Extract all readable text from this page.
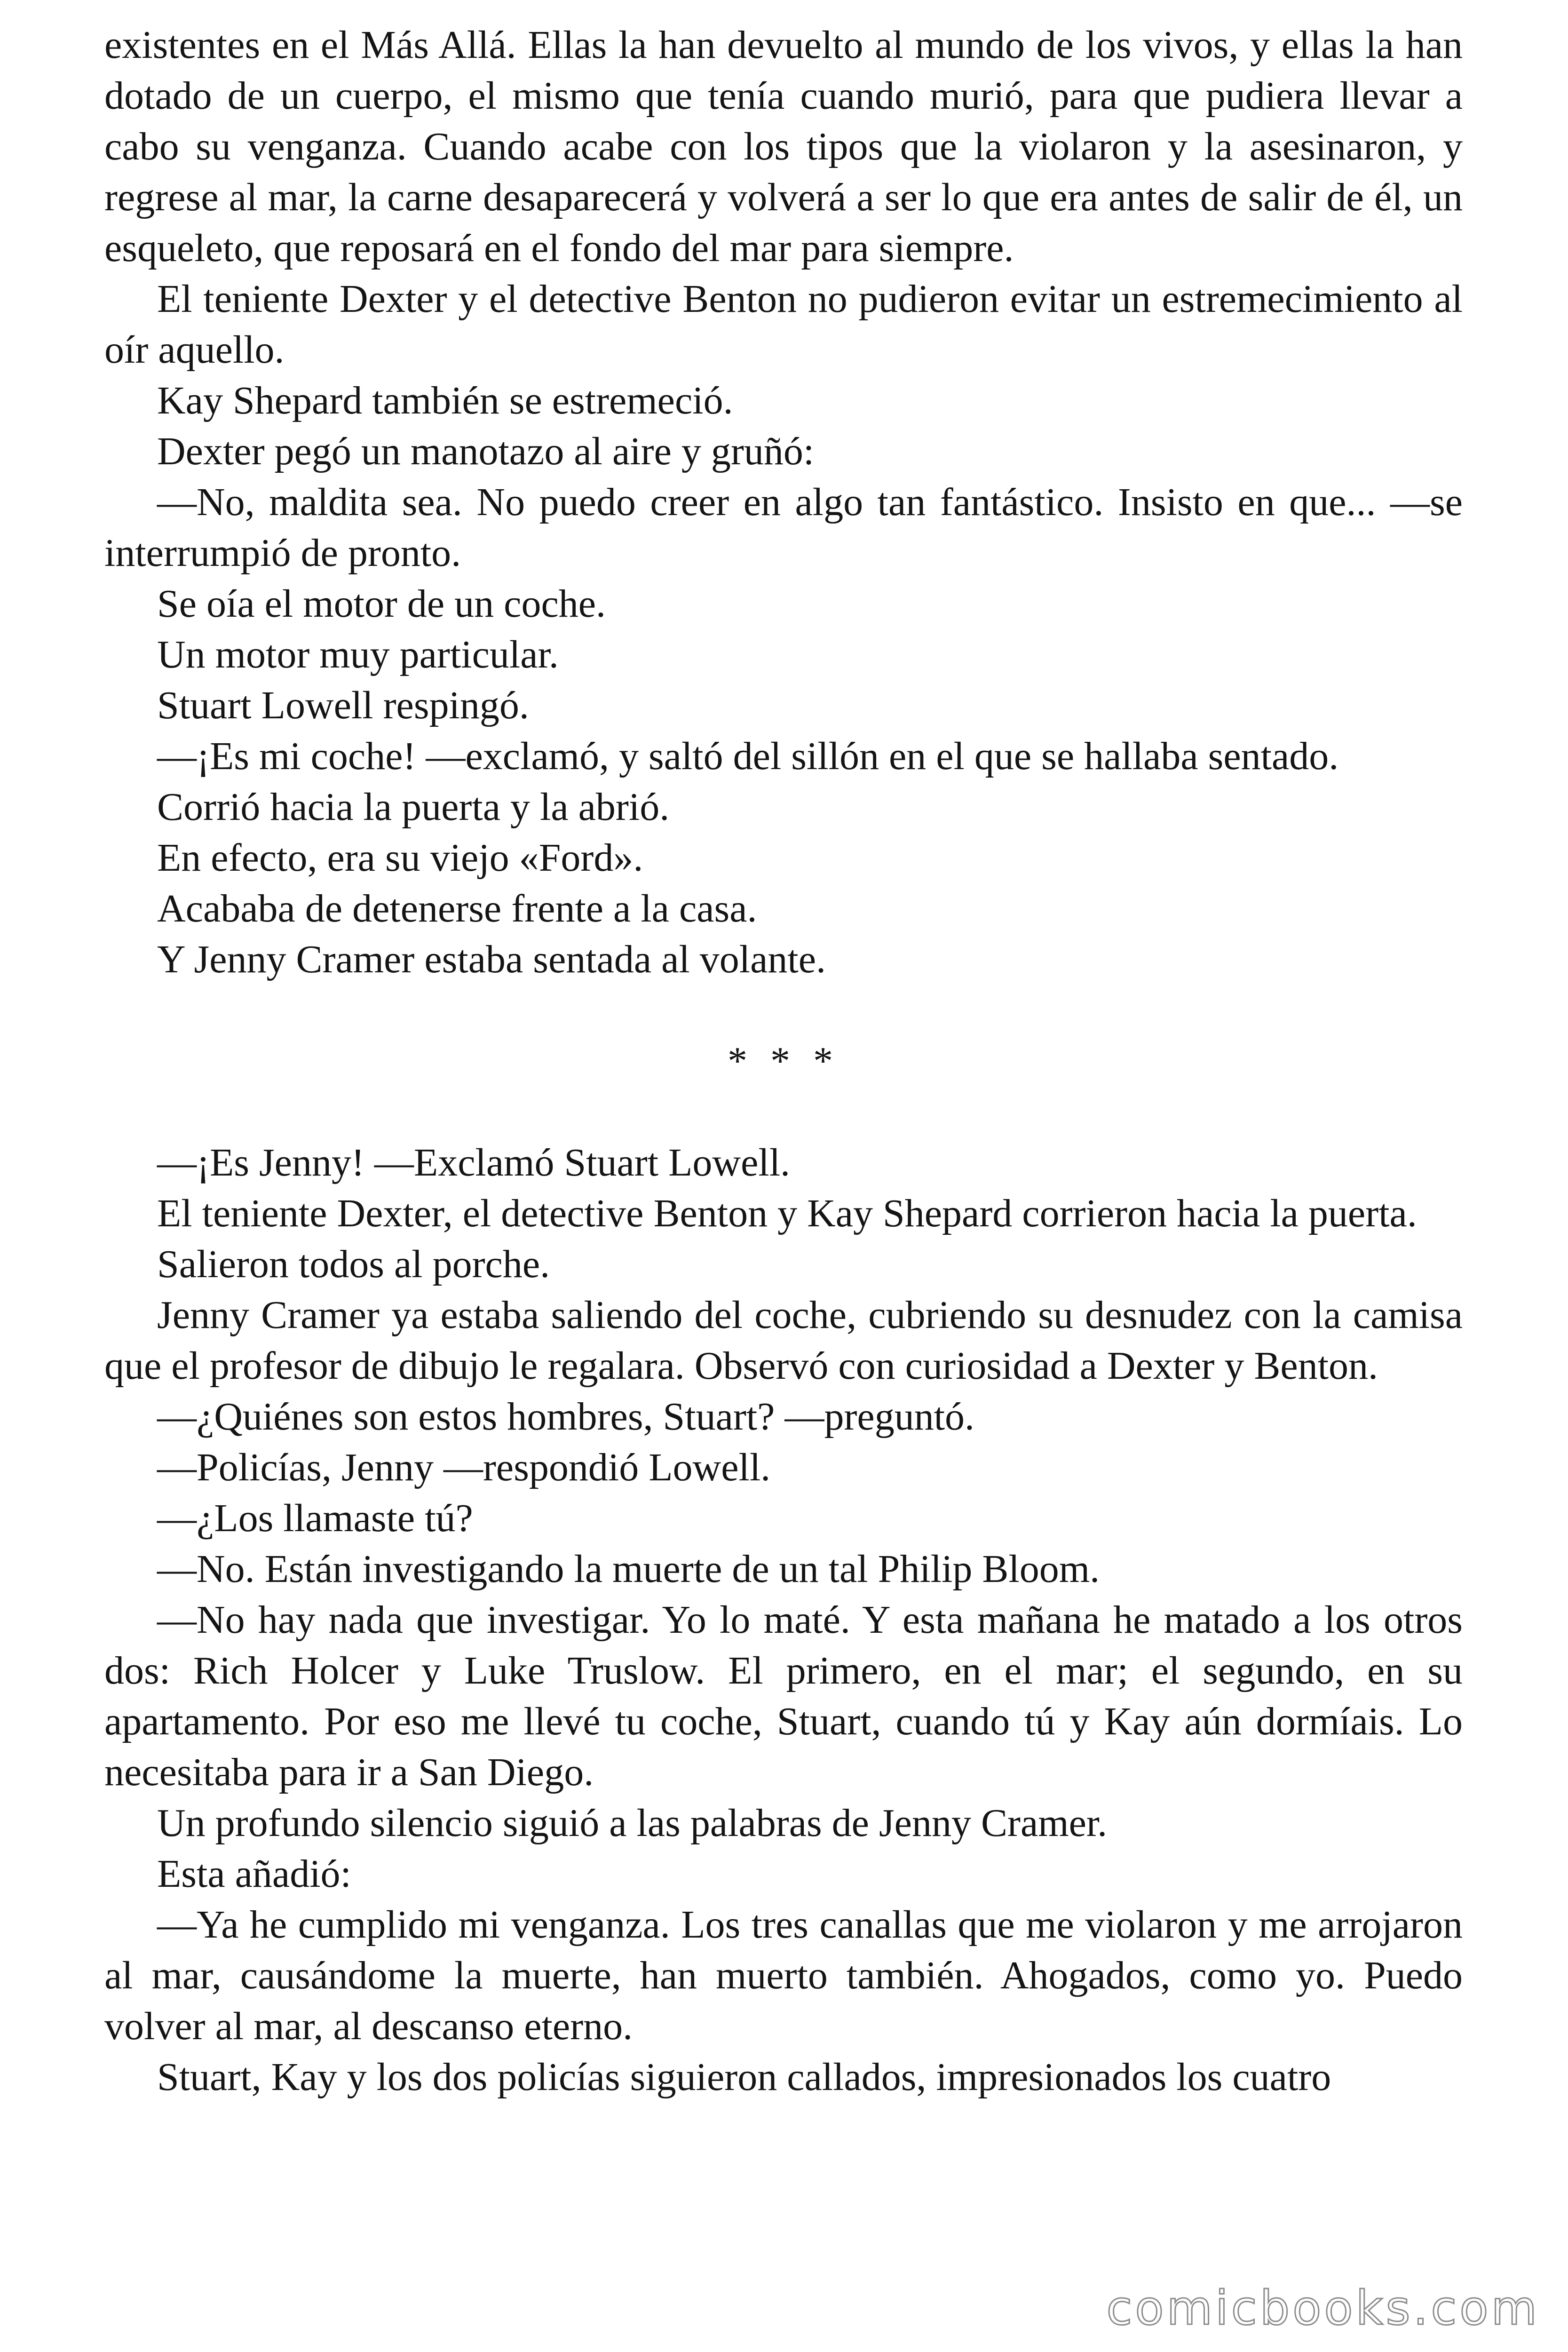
existentes en el Más Allá. Ellas la han devuelto al mundo de los vivos, y ellas la han dotado de un cuerpo, el mismo que tenía cuando murió, para que pudiera llevar a cabo su venganza. Cuando acabe con los tipos que la violaron y la asesinaron, y regrese al mar, la carne desaparecerá y volverá a ser lo que era antes de salir de él, un esqueleto, que reposará en el fondo del mar para siempre.

El teniente Dexter y el detective Benton no pudieron evitar un estremecimiento al oír aquello.

Kay Shepard también se estremeció.

Dexter pegó un manotazo al aire y gruñó:

—No, maldita sea. No puedo creer en algo tan fantástico. Insisto en que... —se interrumpió de pronto.

Se oía el motor de un coche.

Un motor muy particular.

Stuart Lowell respingó.

—¡Es mi coche! —exclamó, y saltó del sillón en el que se hallaba sentado.

Corrió hacia la puerta y la abrió.

En efecto, era su viejo «Ford».

Acababa de detenerse frente a la casa.

Y Jenny Cramer estaba sentada al volante.

* * *

—¡Es Jenny! —Exclamó Stuart Lowell.

El teniente Dexter, el detective Benton y Kay Shepard corrieron hacia la puerta.

Salieron todos al porche.

Jenny Cramer ya estaba saliendo del coche, cubriendo su desnudez con la camisa que el profesor de dibujo le regalara. Observó con curiosidad a Dexter y Benton.

—¿Quiénes son estos hombres, Stuart? —preguntó.

—Policías, Jenny —respondió Lowell.

—¿Los llamaste tú?

—No. Están investigando la muerte de un tal Philip Bloom.

—No hay nada que investigar. Yo lo maté. Y esta mañana he matado a los otros dos: Rich Holcer y Luke Truslow. El primero, en el mar; el segundo, en su apartamento. Por eso me llevé tu coche, Stuart, cuando tú y Kay aún dormíais. Lo necesitaba para ir a San Diego.

Un profundo silencio siguió a las palabras de Jenny Cramer.

Esta añadió:

—Ya he cumplido mi venganza. Los tres canallas que me violaron y me arrojaron al mar, causándome la muerte, han muerto también. Ahogados, como yo. Puedo volver al mar, al descanso eterno.

Stuart, Kay y los dos policías siguieron callados, impresionados los cuatro

comicbooks.com
